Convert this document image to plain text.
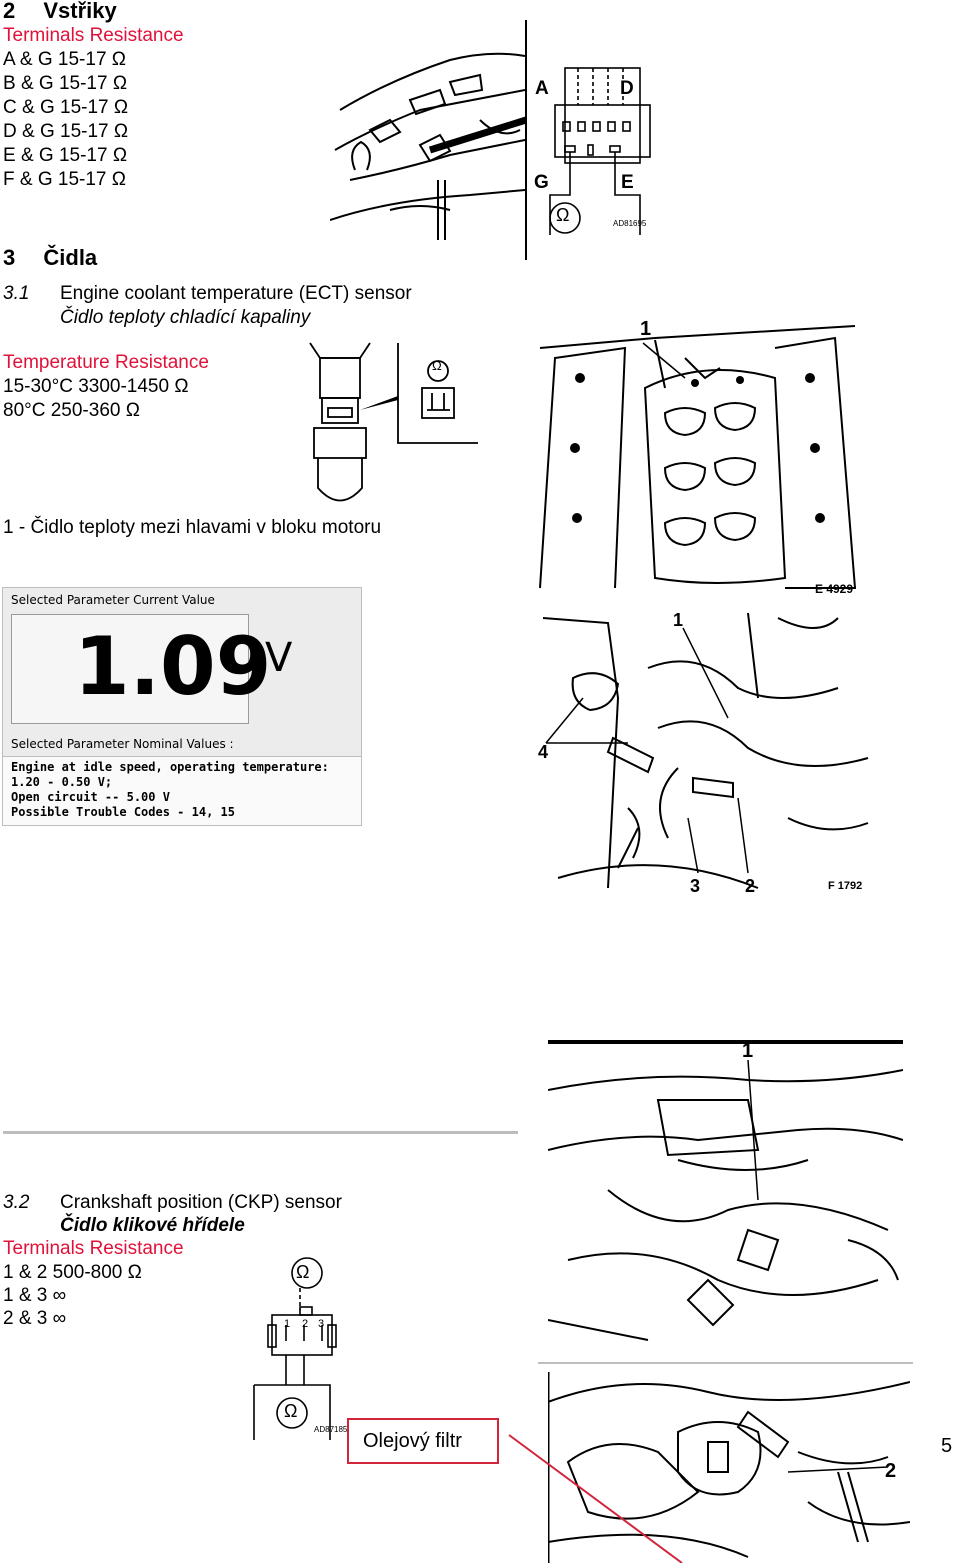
2 Vstřiky
Terminals Resistance
A & G 15-17 Ω
B & G 15-17 Ω
C & G 15-17 Ω
D & G 15-17 Ω
E & G 15-17 Ω
F & G 15-17 Ω
A	D
G	E
Ω	AD81695
3 Čidla
3.1 Engine coolant temperature (ECT) sensor
Čidlo teploty chladící kapaliny
Temperature Resistance
15-30°C 3300-1450 Ω
80°C 250-360 Ω
Ω
1 - Čidlo teploty mezi hlavami v bloku motoru
1
E 4929
Selected Parameter Current Value
1.09
V
Selected Parameter Nominal Values :
Engine at idle speed, operating temperature:
1.20 - 0.50 V;
Open circuit -- 5.00 V
Possible Trouble Codes - 14, 15
1
4
3 2	F 1792
1
3.2 Crankshaft position (CKP) sensor
Čidlo klikové hřídele
Terminals Resistance
1 & 2 500-800 Ω
1 & 3 ∞
2 & 3 ∞
Ω
1 2 3
Ω
AD87185
2
Olejový filtr	5
